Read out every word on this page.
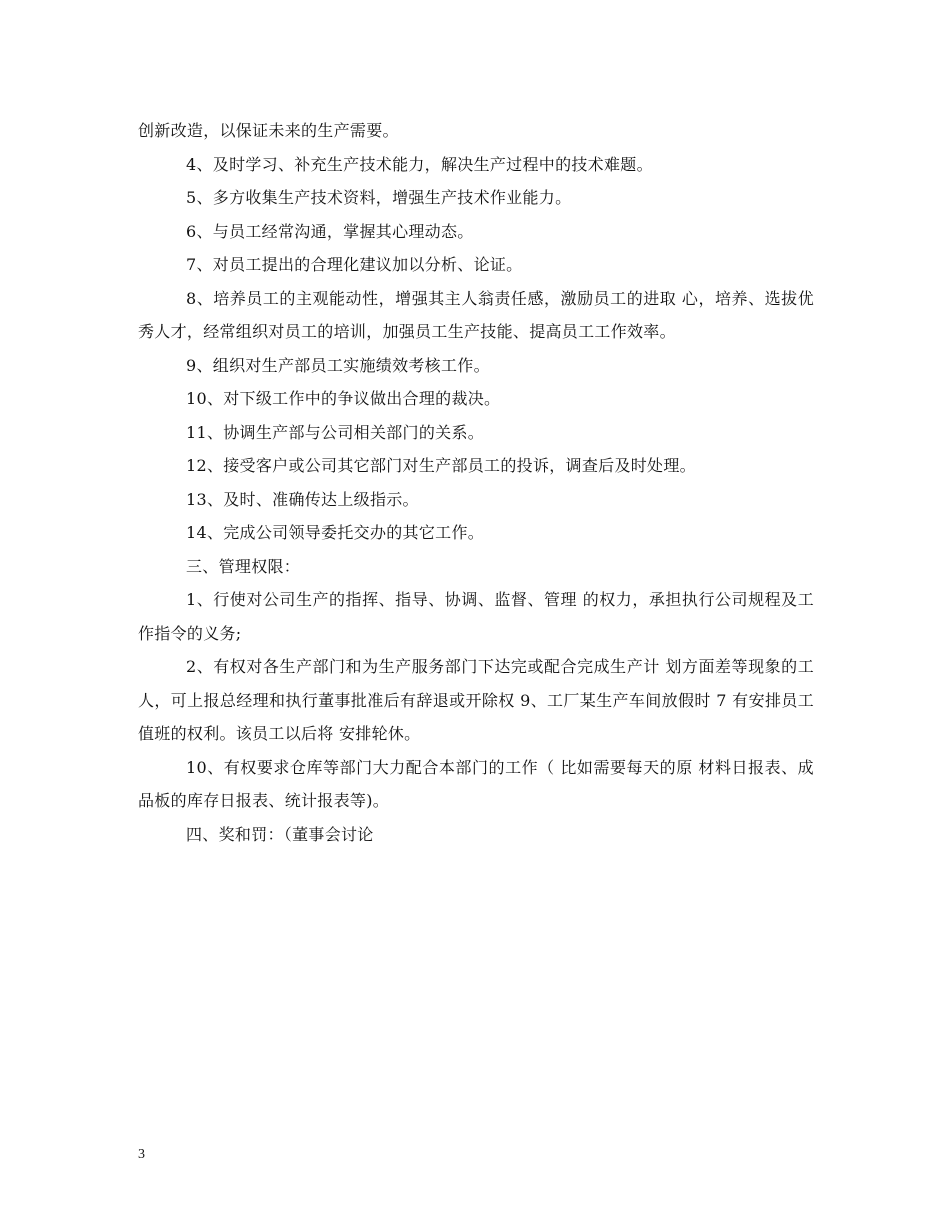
创新改造，以保证未来的生产需要。

4、及时学习、补充生产技术能力，解决生产过程中的技术难题。

5、多方收集生产技术资料，增强生产技术作业能力。

6、与员工经常沟通，掌握其心理动态。

7、对员工提出的合理化建议加以分析、论证。

8、培养员工的主观能动性，增强其主人翁责任感，激励员工的进取 心，培养、选拔优秀人才，经常组织对员工的培训，加强员工生产技能、提高员工工作效率。

9、组织对生产部员工实施绩效考核工作。

10、对下级工作中的争议做出合理的裁决。

11、协调生产部与公司相关部门的关系。

12、接受客户或公司其它部门对生产部员工的投诉，调查后及时处理。

13、及时、准确传达上级指示。

14、完成公司领导委托交办的其它工作。

三、管理权限：

1、行使对公司生产的指挥、指导、协调、监督、管理 的权力，承担执行公司规程及工作指令的义务;

2、有权对各生产部门和为生产服务部门下达完或配合完成生产计 划方面差等现象的工人，可上报总经理和执行董事批准后有辞退或开除权 9、工厂某生产车间放假时 7 有安排员工值班的权利。该员工以后将 安排轮休。

10、有权要求仓库等部门大力配合本部门的工作（ 比如需要每天的原 材料日报表、成品板的库存日报表、统计报表等)。

四、奖和罚：（董事会讨论

3
